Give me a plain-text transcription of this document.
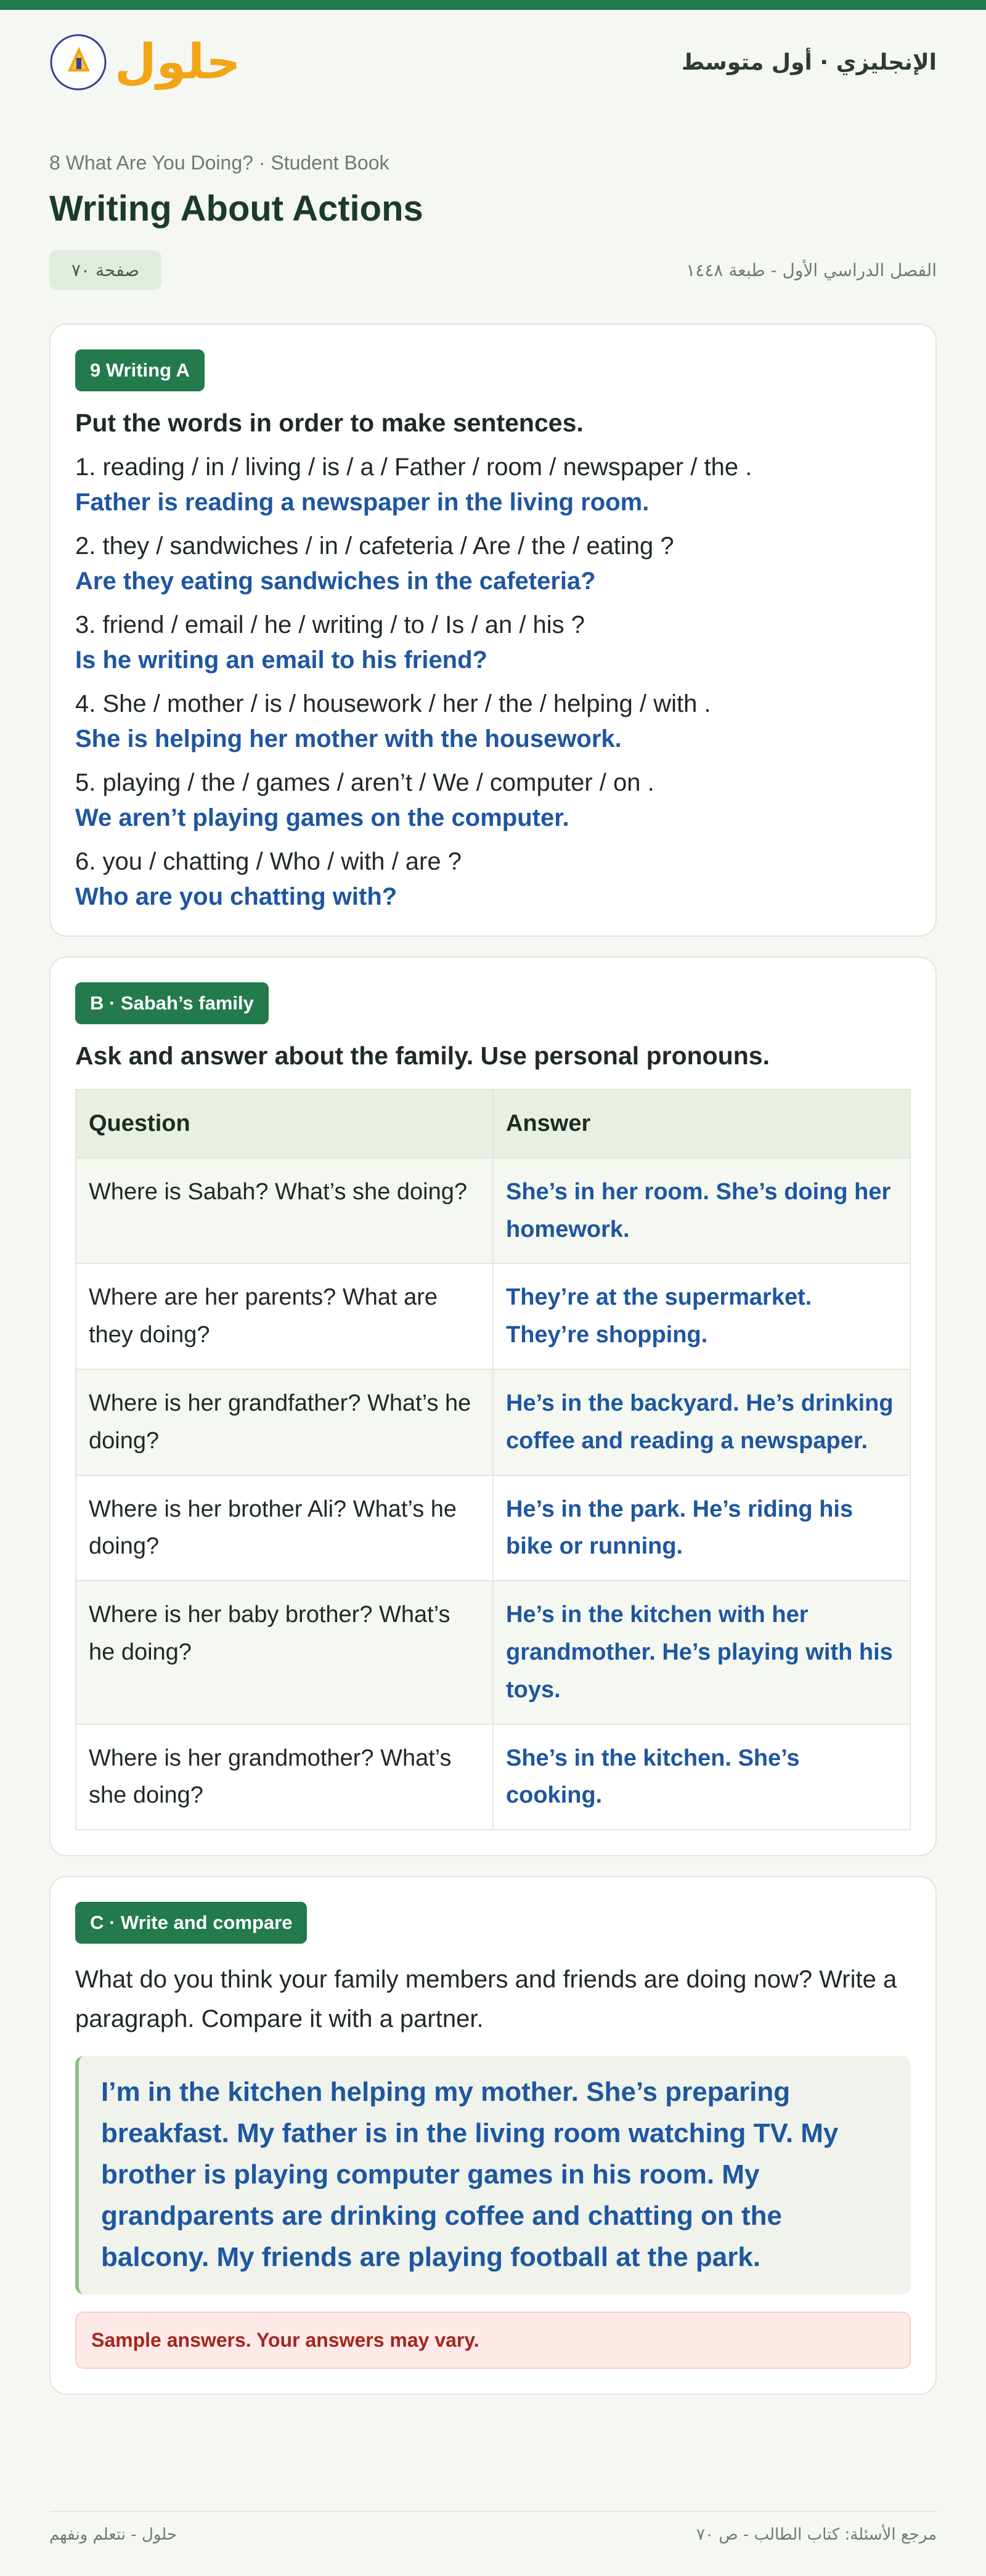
حلول	الإنجليزي · أول متوسط
8 What Are You Doing? · Student Book
Writing About Actions
صفحة ٧٠	الفصل الدراسي الأول - طبعة ١٤٤٨
9 Writing A
Put the words in order to make sentences.
1. reading / in / living / is / a / Father / room / newspaper / the .
Father is reading a newspaper in the living room.
2. they / sandwiches / in / cafeteria / Are / the / eating ?
Are they eating sandwiches in the cafeteria?
3. friend / email / he / writing / to / Is / an / his ?
Is he writing an email to his friend?
4. She / mother / is / housework / her / the / helping / with .
She is helping her mother with the housework.
5. playing / the / games / aren’t / We / computer / on .
We aren’t playing games on the computer.
6. you / chatting / Who / with / are ?
Who are you chatting with?
B · Sabah’s family
Ask and answer about the family. Use personal pronouns.
Question	Answer
Where is Sabah? What’s she doing?	She’s in her room. She’s doing her homework.
Where are her parents? What are they doing?	They’re at the supermarket. They’re shopping.
Where is her grandfather? What’s he doing?	He’s in the backyard. He’s drinking coffee and reading a newspaper.
Where is her brother Ali? What’s he doing?	He’s in the park. He’s riding his bike or running.
Where is her baby brother? What’s he doing?	He’s in the kitchen with her grandmother. He’s playing with his toys.
Where is her grandmother? What’s she doing?	She’s in the kitchen. She’s cooking.
C · Write and compare
What do you think your family members and friends are doing now? Write a paragraph. Compare it with a partner.
I’m in the kitchen helping my mother. She’s preparing breakfast. My father is in the living room watching TV. My brother is playing computer games in his room. My grandparents are drinking coffee and chatting on the balcony. My friends are playing football at the park.
Sample answers. Your answers may vary.
مرجع الأسئلة: كتاب الطالب - ص ٧٠
حلول - نتعلم ونفهم
